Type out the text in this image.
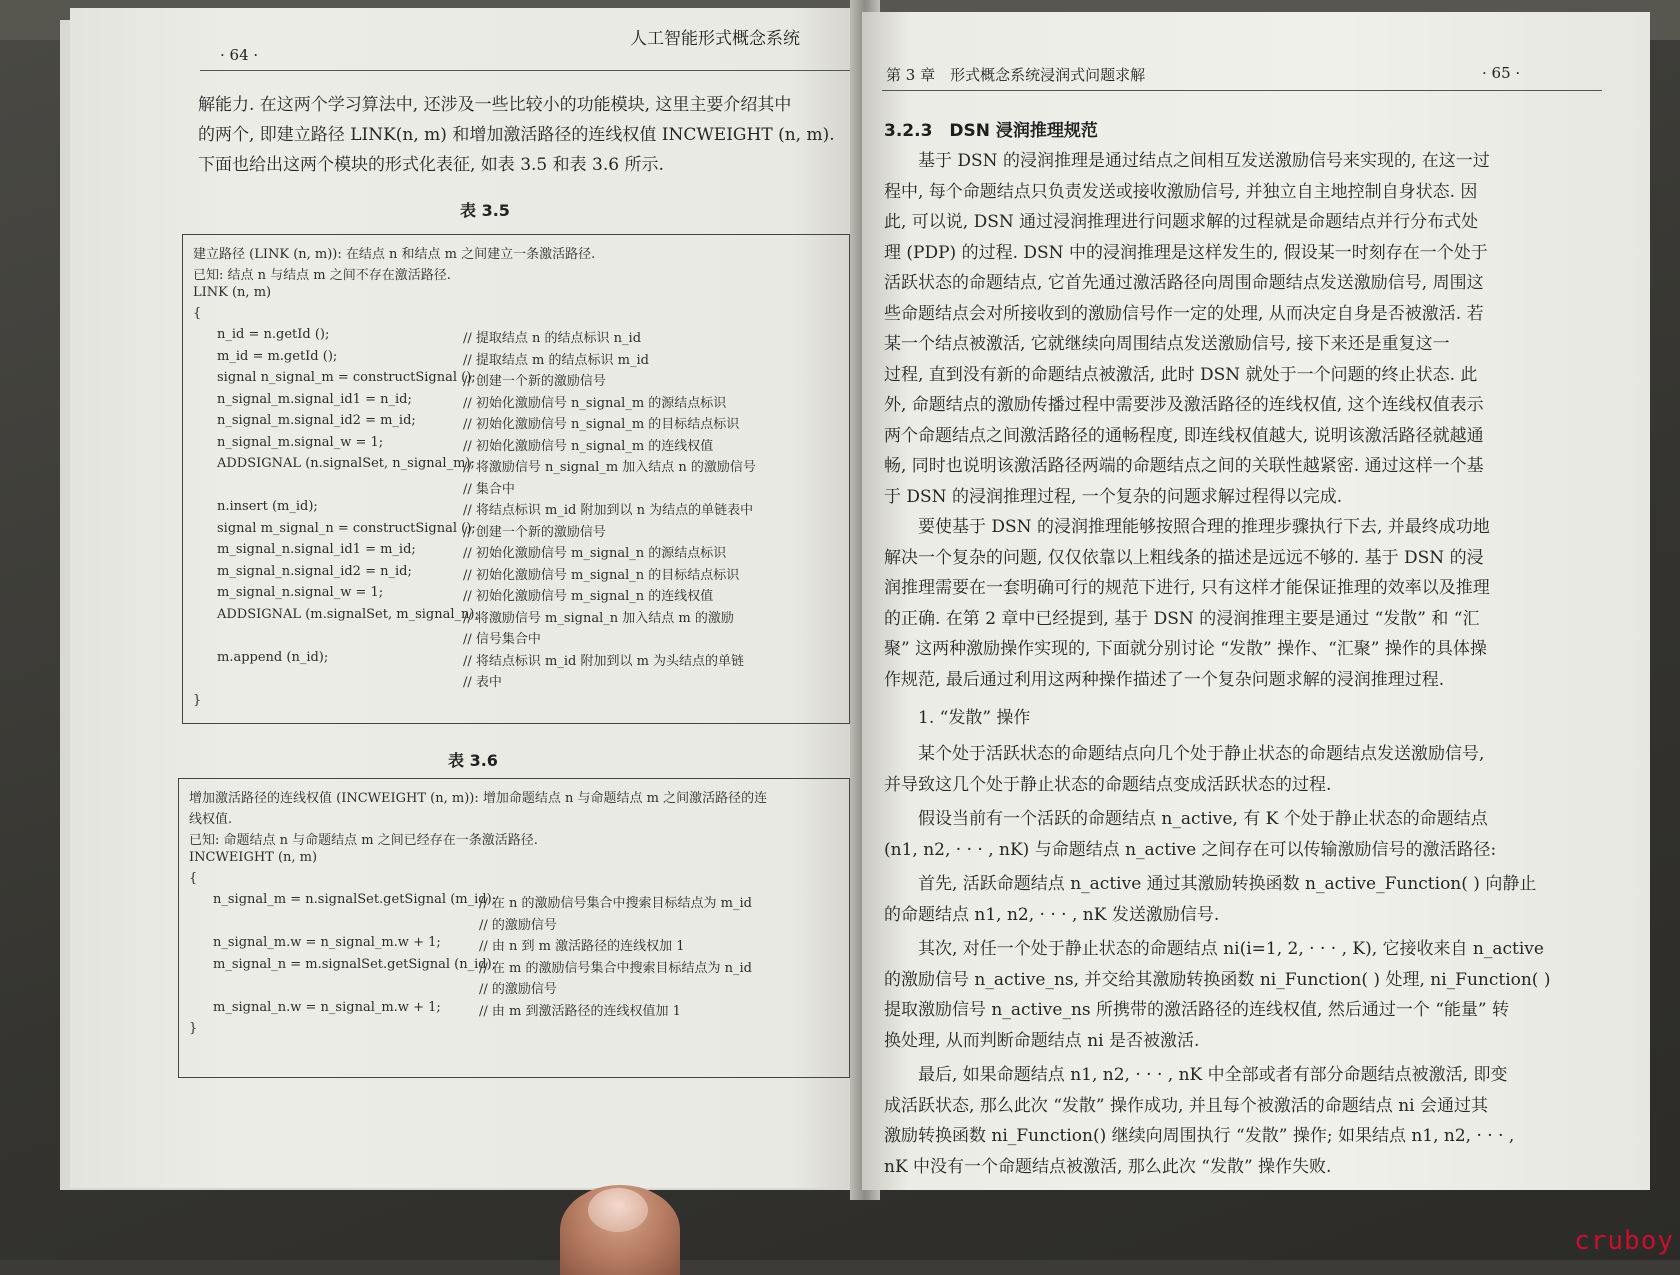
· 64 ·
人工智能形式概念系统
表 3.5
建立路径 (LINK (n, m)): 在结点 n 和结点 m 之间建立一条激活路径.
已知: 结点 n 与结点 m 之间不存在激活路径.
LINK (n, m)
{
n_id = n.getId ();	// 提取结点 n 的结点标识 n_id
m_id = m.getId ();	// 提取结点 m 的结点标识 m_id
signal n_signal_m = constructSignal ();
// 创建一个新的激励信号
n_signal_m.signal_id1 = n_id;	// 初始化激励信号 n_signal_m 的源结点标识
n_signal_m.signal_id2 = m_id;	// 初始化激励信号 n_signal_m 的目标结点标识
n_signal_m.signal_w = 1;	// 初始化激励信号 n_signal_m 的连线权值
ADDSIGNAL (n.signalSet, n_signal_m);
// 将激励信号 n_signal_m 加入结点 n 的激励信号
// 集合中
n.insert (m_id);	// 将结点标识 m_id 附加到以 n 为结点的单链表中
signal m_signal_n = constructSignal ();
// 创建一个新的激励信号
m_signal_n.signal_id1 = m_id;	// 初始化激励信号 m_signal_n 的源结点标识
m_signal_n.signal_id2 = n_id;	// 初始化激励信号 m_signal_n 的目标结点标识
m_signal_n.signal_w = 1;	// 初始化激励信号 m_signal_n 的连线权值
ADDSIGNAL (m.signalSet, m_signal_n);
// 将激励信号 m_signal_n 加入结点 m 的激励
// 信号集合中
m.append (n_id);	// 将结点标识 m_id 附加到以 m 为头结点的单链
// 表中
}
表 3.6
增加激活路径的连线权值 (INCWEIGHT (n, m)): 增加命题结点 n 与命题结点 m 之间激活路径的连
线权值.
已知: 命题结点 n 与命题结点 m 之间已经存在一条激活路径.
INCWEIGHT (n, m)
{
n_signal_m = n.signalSet.getSignal (m_id);
// 在 n 的激励信号集合中搜索目标结点为 m_id
// 的激励信号
n_signal_m.w = n_signal_m.w + 1;	// 由 n 到 m 激活路径的连线权加 1
m_signal_n = m.signalSet.getSignal (n_id);
// 在 m 的激励信号集合中搜索目标结点为 n_id
// 的激励信号
m_signal_n.w = n_signal_m.w + 1;	// 由 m 到激活路径的连线权值加 1
}
解能力. 在这两个学习算法中, 还涉及一些比较小的功能模块, 这里主要介绍其中
的两个, 即建立路径 LINK(n, m) 和增加激活路径的连线权值 INCWEIGHT (n, m).
下面也给出这两个模块的形式化表征, 如表 3.5 和表 3.6 所示.
第 3 章　形式概念系统浸润式问题求解	· 65 ·
3.2.3　DSN 浸润推理规范
基于 DSN 的浸润推理是通过结点之间相互发送激励信号来实现的, 在这一过
程中, 每个命题结点只负责发送或接收激励信号, 并独立自主地控制自身状态. 因
此, 可以说, DSN 通过浸润推理进行问题求解的过程就是命题结点并行分布式处
理 (PDP) 的过程. DSN 中的浸润推理是这样发生的, 假设某一时刻存在一个处于
活跃状态的命题结点, 它首先通过激活路径向周围命题结点发送激励信号, 周围这
些命题结点会对所接收到的激励信号作一定的处理, 从而决定自身是否被激活. 若
某一个结点被激活, 它就继续向周围结点发送激励信号, 接下来还是重复这一
过程, 直到没有新的命题结点被激活, 此时 DSN 就处于一个问题的终止状态. 此
外, 命题结点的激励传播过程中需要涉及激活路径的连线权值, 这个连线权值表示
两个命题结点之间激活路径的通畅程度, 即连线权值越大, 说明该激活路径就越通
畅, 同时也说明该激活路径两端的命题结点之间的关联性越紧密. 通过这样一个基
于 DSN 的浸润推理过程, 一个复杂的问题求解过程得以完成.
要使基于 DSN 的浸润推理能够按照合理的推理步骤执行下去, 并最终成功地
解决一个复杂的问题, 仅仅依靠以上粗线条的描述是远远不够的. 基于 DSN 的浸
润推理需要在一套明确可行的规范下进行, 只有这样才能保证推理的效率以及推理
的正确. 在第 2 章中已经提到, 基于 DSN 的浸润推理主要是通过 “发散” 和 “汇
聚” 这两种激励操作实现的, 下面就分别讨论 “发散” 操作、“汇聚” 操作的具体操
作规范, 最后通过利用这两种操作描述了一个复杂问题求解的浸润推理过程.
1. “发散” 操作
某个处于活跃状态的命题结点向几个处于静止状态的命题结点发送激励信号,
并导致这几个处于静止状态的命题结点变成活跃状态的过程.
假设当前有一个活跃的命题结点 n_active, 有 K 个处于静止状态的命题结点
(n1, n2, · · · , nK) 与命题结点 n_active 之间存在可以传输激励信号的激活路径:
首先, 活跃命题结点 n_active 通过其激励转换函数 n_active_Function( ) 向静止
的命题结点 n1, n2, · · · , nK 发送激励信号.
其次, 对任一个处于静止状态的命题结点 ni(i=1, 2, · · · , K), 它接收来自 n_active
的激励信号 n_active_ns, 并交给其激励转换函数 ni_Function( ) 处理, ni_Function( )
提取激励信号 n_active_ns 所携带的激活路径的连线权值, 然后通过一个 “能量” 转
换处理, 从而判断命题结点 ni 是否被激活.
最后, 如果命题结点 n1, n2, · · · , nK 中全部或者有部分命题结点被激活, 即变
成活跃状态, 那么此次 “发散” 操作成功, 并且每个被激活的命题结点 ni 会通过其
激励转换函数 ni_Function() 继续向周围执行 “发散” 操作; 如果结点 n1, n2, · · · ,
nK 中没有一个命题结点被激活, 那么此次 “发散” 操作失败.
cruboy
